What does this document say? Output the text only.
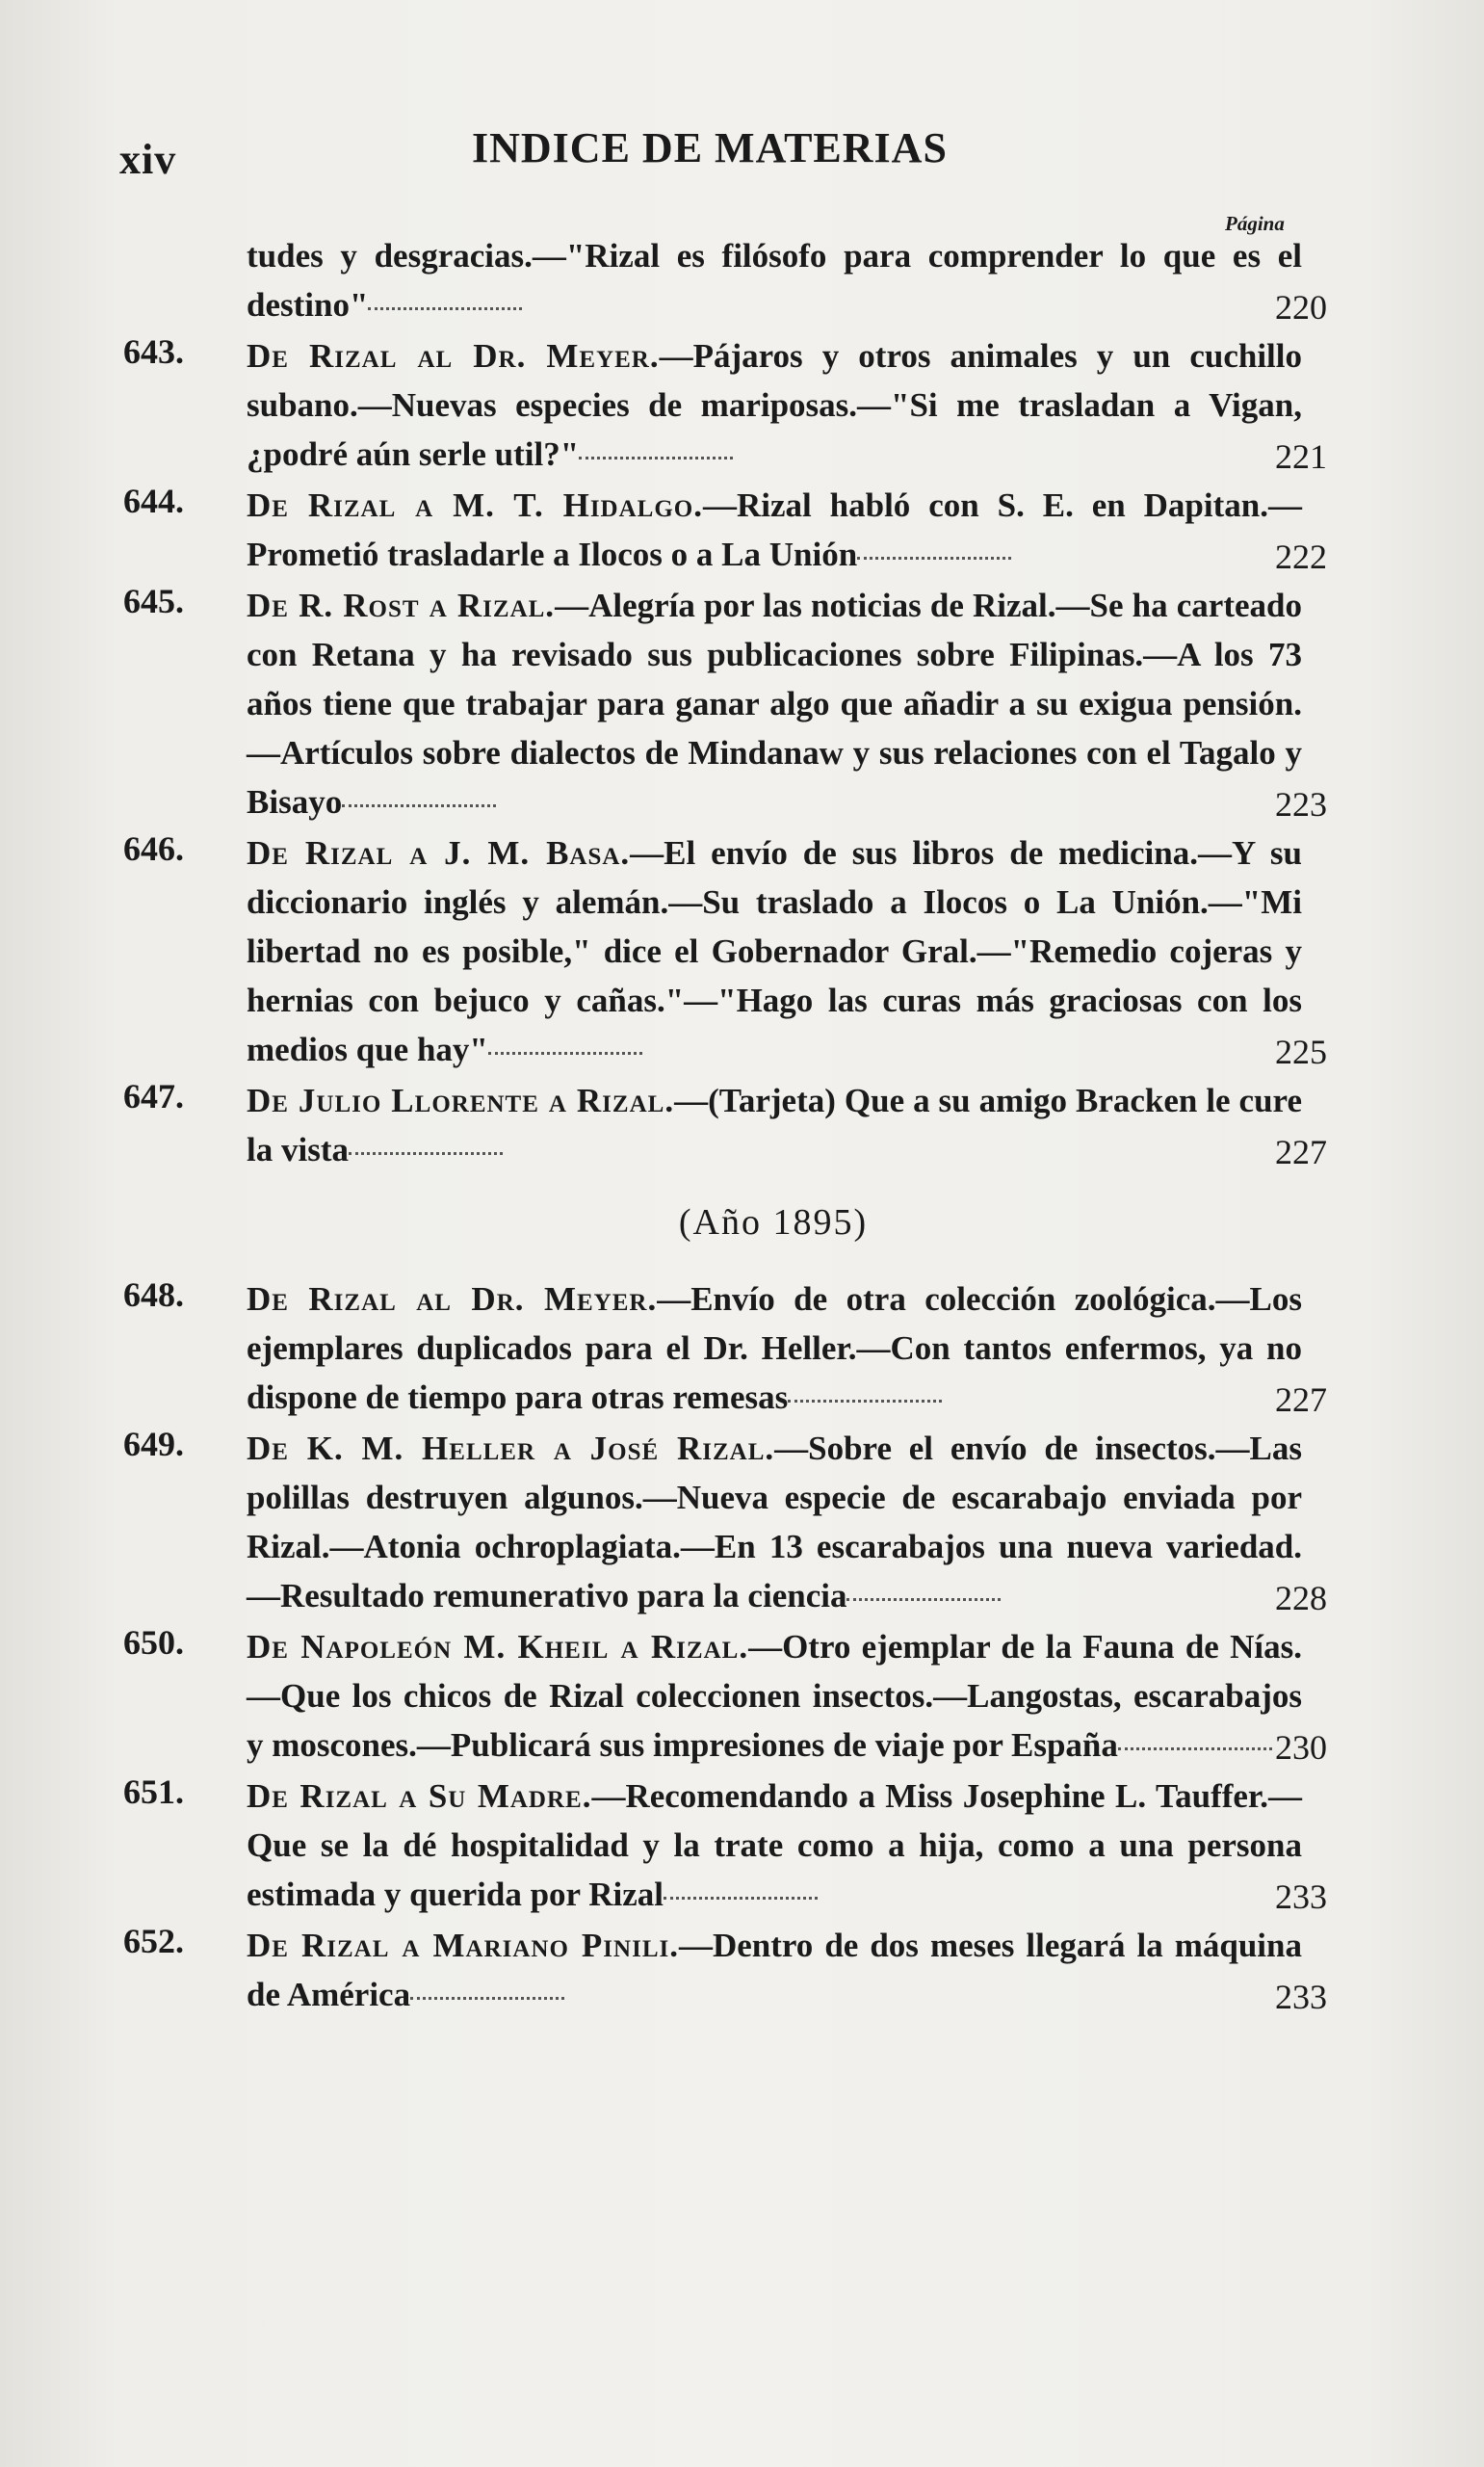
xiv	INDICE DE MATERIAS
Página
tudes y desgracias.—"Rizal es filósofo para comprender lo que es el destino"	220
643. De Rizal al Dr. Meyer.—Pájaros y otros animales y un cuchillo subano.—Nuevas especies de mariposas.—"Si me trasladan a Vigan, ¿podré aún serle util?"	221
644. De Rizal a M. T. Hidalgo.—Rizal habló con S. E. en Dapitan.—Prometió trasladarle a Ilocos o a La Unión	222
645. De R. Rost a Rizal.—Alegría por las noticias de Rizal.—Se ha carteado con Retana y ha revisado sus publicaciones sobre Filipinas.—A los 73 años tiene que trabajar para ganar algo que añadir a su exigua pensión.—Artículos sobre dialectos de Mindanaw y sus relaciones con el Tagalo y Bisayo	223
646. De Rizal a J. M. Basa.—El envío de sus libros de medicina.—Y su diccionario inglés y alemán.—Su traslado a Ilocos o La Unión.—"Mi libertad no es posible," dice el Gobernador Gral.—"Remedio cojeras y hernias con bejuco y cañas."—"Hago las curas más graciosas con los medios que hay"	225
647. De Julio Llorente a Rizal.—(Tarjeta) Que a su amigo Bracken le cure la vista	227
(Año 1895)
648. De Rizal al Dr. Meyer.—Envío de otra colección zoológica.—Los ejemplares duplicados para el Dr. Heller.—Con tantos enfermos, ya no dispone de tiempo para otras remesas	227
649. De K. M. Heller a José Rizal.—Sobre el envío de insectos.—Las polillas destruyen algunos.—Nueva especie de escarabajo enviada por Rizal.—Atonia ochroplagiata.—En 13 escarabajos una nueva variedad.—Resultado remunerativo para la ciencia	228
650. De Napoleón M. Kheil a Rizal.—Otro ejemplar de la Fauna de Nías.—Que los chicos de Rizal coleccionen insectos.—Langostas, escarabajos y moscones.—Publicará sus impresiones de viaje por España	230
651. De Rizal a Su Madre.—Recomendando a Miss Josephine L. Tauffer.—Que se la dé hospitalidad y la trate como a hija, como a una persona estimada y querida por Rizal	233
652. De Rizal a Mariano Pinili.—Dentro de dos meses llegará la máquina de América	233
